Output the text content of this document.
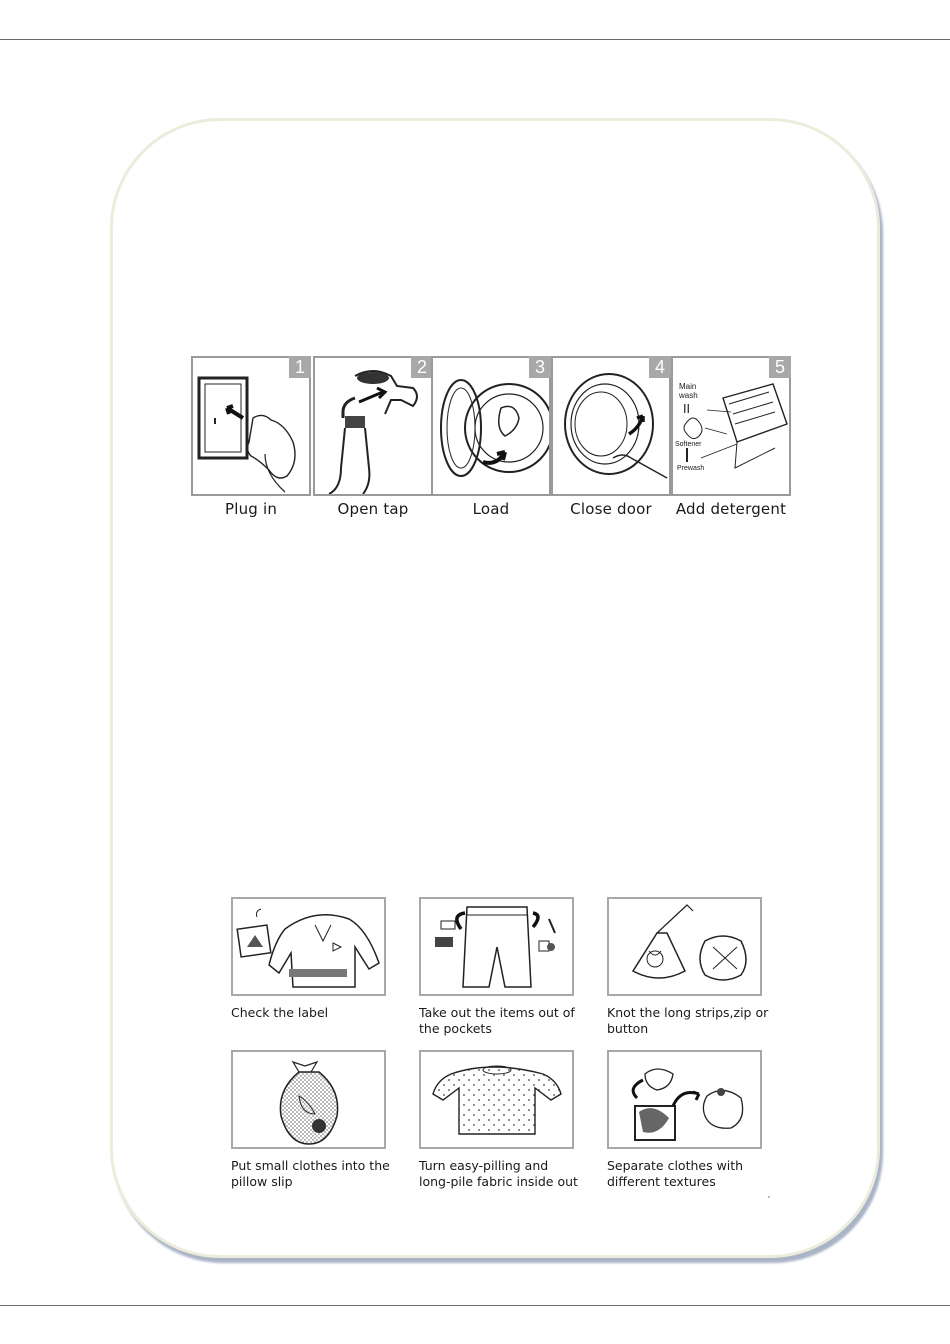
1
Plug in
2
Open tap
3
Load
4
Close door
Main wash
II
Softener
Prewash
5
Add detergent
Check the label	Take out the items out of
the pockets
Knot the long strips,zip or
button
Put small clothes into the
pillow slip
Turn easy-pilling and
long-pile fabric inside out
Separate clothes with
different textures
